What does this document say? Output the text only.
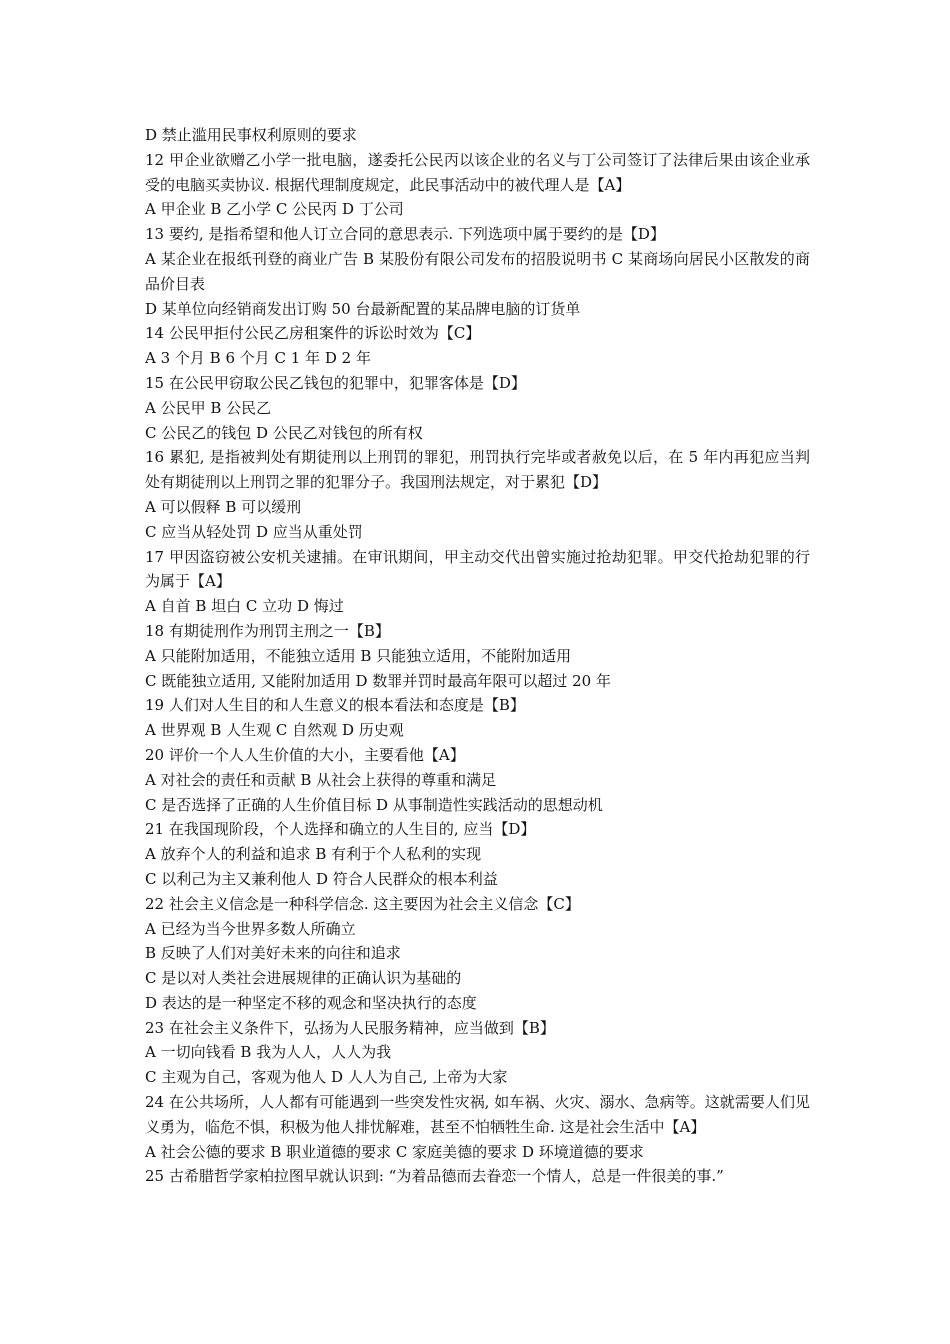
D 禁止滥用民事权利原则的要求
12 甲企业欲赠乙小学一批电脑，遂委托公民丙以该企业的名义与丁公司签订了法律后果由该企业承受的电脑买卖协议. 根据代理制度规定，此民事活动中的被代理人是【A】
A 甲企业 B 乙小学 C 公民丙 D 丁公司
13 要约, 是指希望和他人订立合同的意思表示. 下列选项中属于要约的是【D】
A 某企业在报纸刊登的商业广告 B 某股份有限公司发布的招股说明书 C 某商场向居民小区散发的商品价目表
D 某单位向经销商发出订购 50 台最新配置的某品牌电脑的订货单
14 公民甲拒付公民乙房租案件的诉讼时效为【C】
A 3 个月 B 6 个月 C 1 年 D 2 年
15 在公民甲窃取公民乙钱包的犯罪中，犯罪客体是【D】
A 公民甲 B 公民乙
C 公民乙的钱包 D 公民乙对钱包的所有权
16 累犯, 是指被判处有期徒刑以上刑罚的罪犯，刑罚执行完毕或者赦免以后，在 5 年内再犯应当判处有期徒刑以上刑罚之罪的犯罪分子。我国刑法规定，对于累犯【D】
A 可以假释 B 可以缓刑
C 应当从轻处罚 D 应当从重处罚
17 甲因盗窃被公安机关逮捕。在审讯期间，甲主动交代出曾实施过抢劫犯罪。甲交代抢劫犯罪的行为属于【A】
A 自首 B 坦白 C 立功 D 悔过
18 有期徒刑作为刑罚主刑之一【B】
A 只能附加适用，不能独立适用 B 只能独立适用，不能附加适用
C 既能独立适用, 又能附加适用 D 数罪并罚时最高年限可以超过 20 年
19 人们对人生目的和人生意义的根本看法和态度是【B】
A 世界观 B 人生观 C 自然观 D 历史观
20 评价一个人人生价值的大小，主要看他【A】
A 对社会的责任和贡献 B 从社会上获得的尊重和满足
C 是否选择了正确的人生价值目标 D 从事制造性实践活动的思想动机
21 在我国现阶段，个人选择和确立的人生目的, 应当【D】
A 放弃个人的利益和追求 B 有利于个人私利的实现
C 以利己为主又兼利他人 D 符合人民群众的根本利益
22 社会主义信念是一种科学信念. 这主要因为社会主义信念【C】
A 已经为当今世界多数人所确立
B 反映了人们对美好未来的向往和追求
C 是以对人类社会进展规律的正确认识为基础的
D 表达的是一种坚定不移的观念和坚决执行的态度
23 在社会主义条件下，弘扬为人民服务精神，应当做到【B】
A 一切向钱看 B 我为人人，人人为我
C 主观为自己，客观为他人 D 人人为自己, 上帝为大家
24 在公共场所，人人都有可能遇到一些突发性灾祸, 如车祸、火灾、溺水、急病等。这就需要人们见义勇为，临危不惧，积极为他人排忧解难，甚至不怕牺牲生命. 这是社会生活中【A】
A 社会公德的要求 B 职业道德的要求 C 家庭美德的要求 D 环境道德的要求
25 古希腊哲学家柏拉图早就认识到: “为着品德而去眷恋一个情人，总是一件很美的事.”
